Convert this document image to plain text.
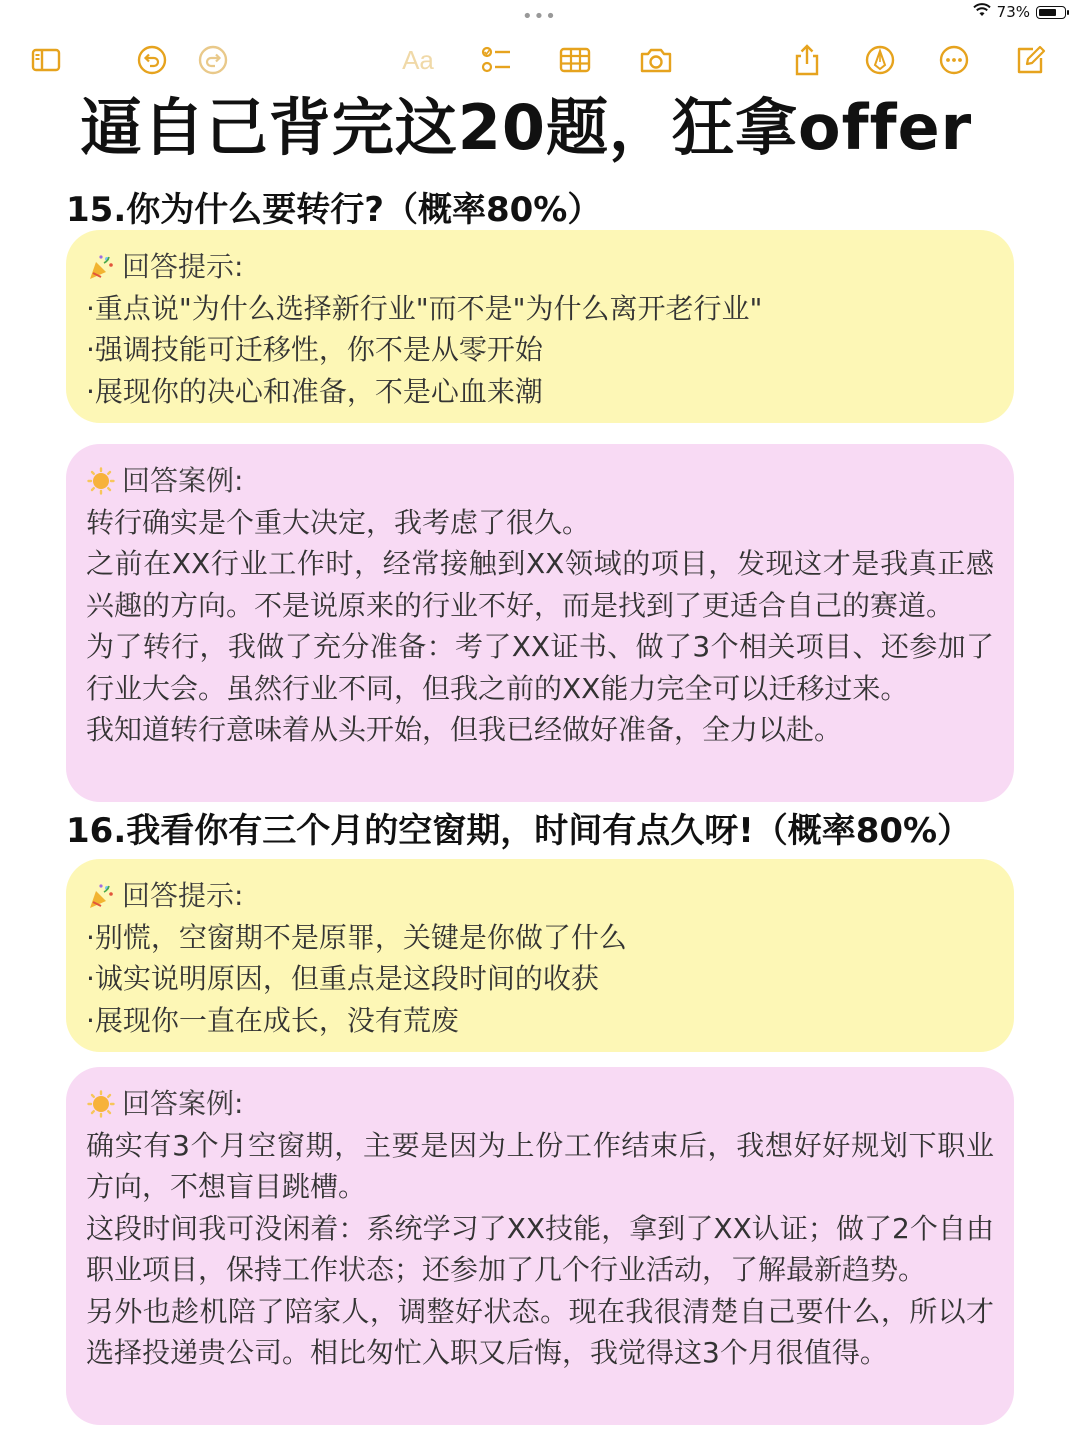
•••	73%
Aa
逼自己背完这20题，狂拿offer
15.你为什么要转行?（概率80%）
回答提示:
·重点说"为什么选择新行业"而不是"为什么离开老行业"
·强调技能可迁移性，你不是从零开始
·展现你的决心和准备，不是心血来潮
回答案例:
转行确实是个重大决定，我考虑了很久。
之前在XX行业工作时，经常接触到XX领域的项目，发现这才是我真正感兴趣的方向。不是说原来的行业不好，而是找到了更适合自己的赛道。
为了转行，我做了充分准备：考了XX证书、做了3个相关项目、还参加了行业大会。虽然行业不同，但我之前的XX能力完全可以迁移过来。
我知道转行意味着从头开始，但我已经做好准备，全力以赴。
16.我看你有三个月的空窗期，时间有点久呀!（概率80%）
回答提示:
·别慌，空窗期不是原罪，关键是你做了什么
·诚实说明原因，但重点是这段时间的收获
·展现你一直在成长，没有荒废
回答案例:
确实有3个月空窗期，主要是因为上份工作结束后，我想好好规划下职业方向，不想盲目跳槽。
这段时间我可没闲着：系统学习了XX技能，拿到了XX认证；做了2个自由职业项目，保持工作状态；还参加了几个行业活动，了解最新趋势。
另外也趁机陪了陪家人，调整好状态。现在我很清楚自己要什么，所以才选择投递贵公司。相比匆忙入职又后悔，我觉得这3个月很值得。
